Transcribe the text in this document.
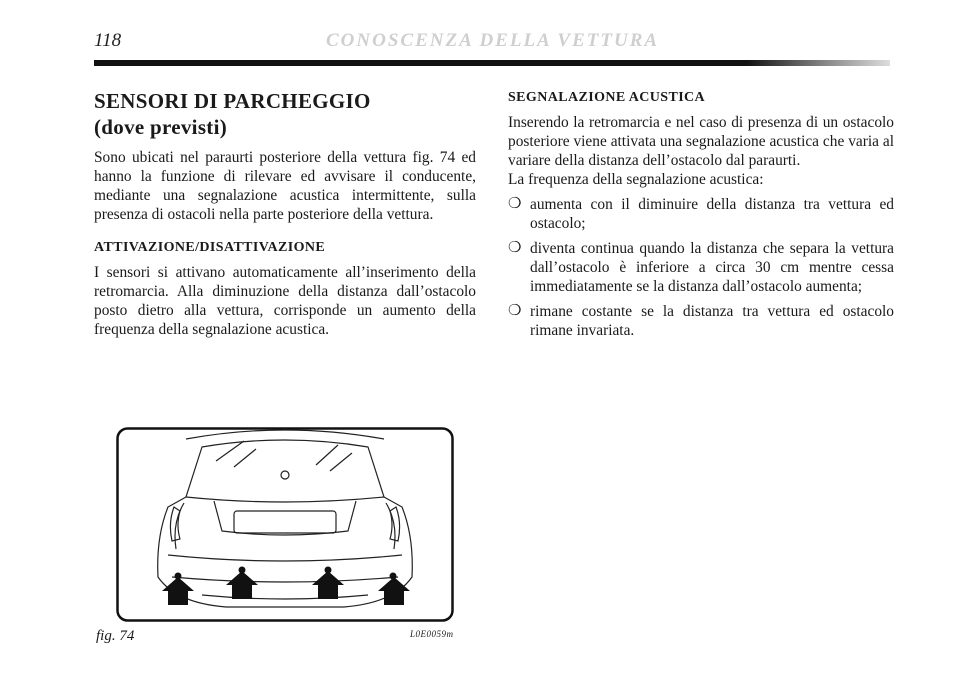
118	CONOSCENZA DELLA VETTURA
SENSORI DI PARCHEGGIO
(dove previsti)

Sono ubicati nel paraurti posteriore della vettura fig. 74 ed hanno la funzione di rilevare ed avvisare il conducente, mediante una segnalazione acustica intermittente, sulla presenza di ostacoli nella parte posteriore della vettura.

ATTIVAZIONE/DISATTIVAZIONE

I sensori si attivano automaticamente all’inserimento della retromarcia. Alla diminuzione della distanza dall’ostacolo posto dietro alla vettura, corrisponde un aumento della frequenza della segnalazione acustica.

SEGNALAZIONE ACUSTICA

Inserendo la retromarcia e nel caso di presenza di un ostacolo posteriore viene attivata una segnalazione acustica che varia al variare della distanza dell’ostacolo dal paraurti.

La frequenza della segnalazione acustica:

❍ aumenta con il diminuire della distanza tra vettura ed ostacolo;
❍ diventa continua quando la distanza che separa la vettura dall’ostacolo è inferiore a circa 30 cm mentre cessa immediatamente se la distanza dall’ostacolo aumenta;
❍ rimane costante se la distanza tra vettura ed ostacolo rimane invariata.
fig. 74	L0E0059m
